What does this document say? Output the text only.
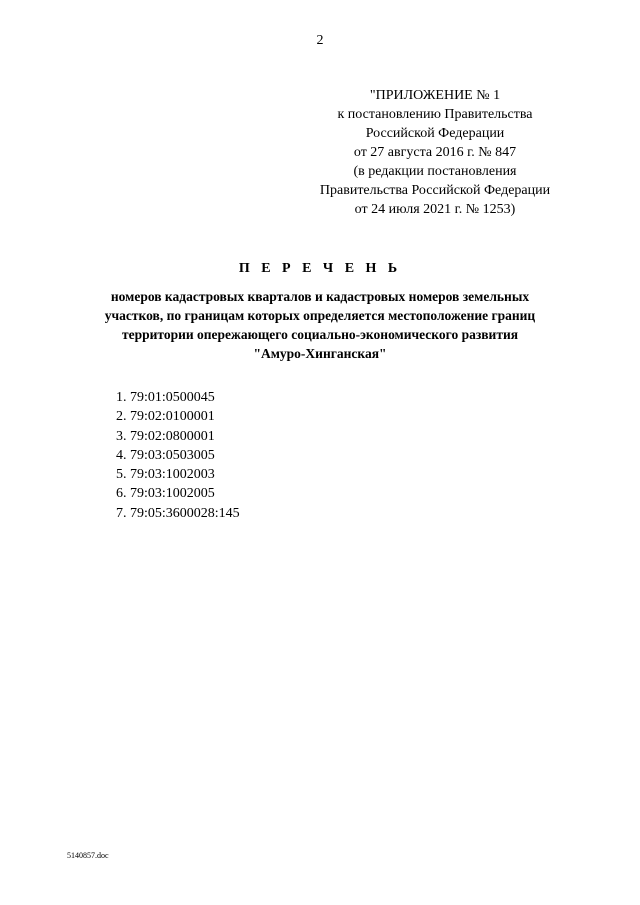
2
"ПРИЛОЖЕНИЕ № 1
к постановлению Правительства
Российской Федерации
от 27 августа 2016 г. № 847
(в редакции постановления
Правительства Российской Федерации
от 24 июля 2021 г. № 1253)
П Е Р Е Ч Е Н Ь
номеров кадастровых кварталов и кадастровых номеров земельных
участков, по границам которых определяется местоположение границ
территории опережающего социально-экономического развития
"Амуро-Хинганская"
1. 79:01:0500045
2. 79:02:0100001
3. 79:02:0800001
4. 79:03:0503005
5. 79:03:1002003
6. 79:03:1002005
7. 79:05:3600028:145
5140857.doc
